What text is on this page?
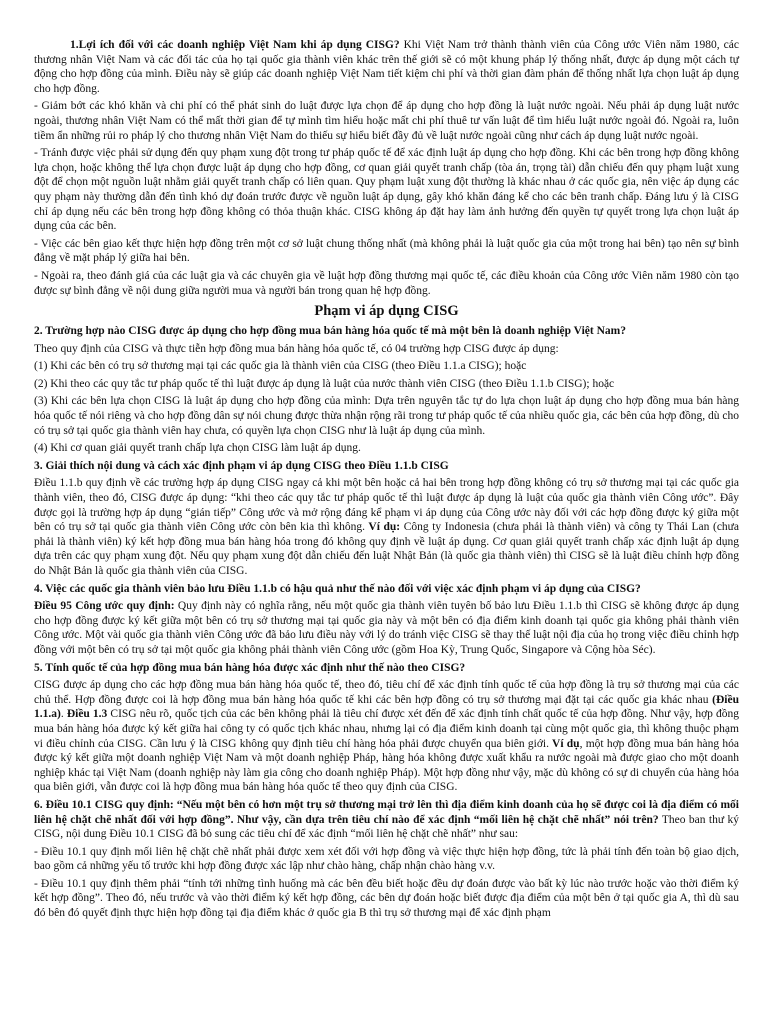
1.Lợi ích đối với các doanh nghiệp Việt Nam khi áp dụng CISG? Khi Việt Nam trở thành thành viên của Công ước Viên năm 1980, các thương nhân Việt Nam và các đối tác của họ tại quốc gia thành viên khác trên thế giới sẽ có một khung pháp lý thống nhất, được áp dụng một cách tự động cho hợp đồng của mình. Điều này sẽ giúp các doanh nghiệp Việt Nam tiết kiệm chi phí và thời gian đàm phán để thống nhất lựa chọn luật áp dụng cho hợp đồng.

- Giảm bớt các khó khăn và chi phí có thể phát sinh do luật được lựa chọn để áp dụng cho hợp đồng là luật nước ngoài. Nếu phải áp dụng luật nước ngoài, thương nhân Việt Nam có thể mất thời gian để tự mình tìm hiểu hoặc mất chi phí thuê tư vấn luật để tìm hiểu luật nước ngoài đó. Ngoài ra, luôn tiềm ẩn những rủi ro pháp lý cho thương nhân Việt Nam do thiếu sự hiểu biết đầy đủ về luật nước ngoài cũng như cách áp dụng luật nước ngoài.

- Tránh được việc phải sử dụng đến quy phạm xung đột trong tư pháp quốc tế để xác định luật áp dụng cho hợp đồng. Khi các bên trong hợp đồng không lựa chọn, hoặc không thể lựa chọn được luật áp dụng cho hợp đồng, cơ quan giải quyết tranh chấp (tòa án, trọng tài) dẫn chiếu đến quy phạm luật xung đột để chọn một nguồn luật nhằm giải quyết tranh chấp có liên quan. Quy phạm luật xung đột thường là khác nhau ở các quốc gia, nên việc áp dụng các quy phạm này thường dẫn đến tình khó dự đoán trước được về nguồn luật áp dụng, gây khó khăn đáng kể cho các bên tranh chấp. Đáng lưu ý là CISG chỉ áp dụng nếu các bên trong hợp đồng không có thỏa thuận khác. CISG không áp đặt hay làm ảnh hưởng đến quyền tự quyết trong lựa chọn luật áp dụng của các bên.

- Việc các bên giao kết thực hiện hợp đồng trên một cơ sở luật chung thống nhất (mà không phải là luật quốc gia của một trong hai bên) tạo nên sự bình đẳng về mặt pháp lý giữa hai bên.

- Ngoài ra, theo đánh giá của các luật gia và các chuyên gia về luật hợp đồng thương mại quốc tế, các điều khoản của Công ước Viên năm 1980 còn tạo được sự bình đẳng về nội dung giữa người mua và người bán trong quan hệ hợp đồng.

Phạm vi áp dụng CISG

2. Trường hợp nào CISG được áp dụng cho hợp đồng mua bán hàng hóa quốc tế mà một bên là doanh nghiệp Việt Nam?

Theo quy định của CISG và thực tiễn hợp đồng mua bán hàng hóa quốc tế, có 04 trường hợp CISG được áp dụng:

(1) Khi các bên có trụ sở thương mại tại các quốc gia là thành viên của CISG (theo Điều 1.1.a CISG); hoặc

(2) Khi theo các quy tắc tư pháp quốc tế thì luật được áp dụng là luật của nước thành viên CISG (theo Điều 1.1.b CISG); hoặc

(3) Khi các bên lựa chọn CISG là luật áp dụng cho hợp đồng của mình: Dựa trên nguyên tắc tự do lựa chọn luật áp dụng cho hợp đồng mua bán hàng hóa quốc tế nói riêng và cho hợp đồng dân sự nói chung được thừa nhận rộng rãi trong tư pháp quốc tế của nhiều quốc gia, các bên của hợp đồng, dù cho có trụ sở tại quốc gia thành viên hay chưa, có quyền lựa chọn CISG như là luật áp dụng của mình.

(4) Khi cơ quan giải quyết tranh chấp lựa chọn CISG làm luật áp dụng.

3. Giải thích nội dung và cách xác định phạm vi áp dụng CISG theo Điều 1.1.b CISG

Điều 1.1.b quy định về các trường hợp áp dụng CISG ngay cả khi một bên hoặc cả hai bên trong hợp đồng không có trụ sở thương mại tại các quốc gia thành viên, theo đó, CISG được áp dụng: “khi theo các quy tắc tư pháp quốc tế thì luật được áp dụng là luật của quốc gia thành viên Công ước”. Đây được gọi là trường hợp áp dụng “gián tiếp” Công ước và mở rộng đáng kể phạm vi áp dụng của Công ước này đối với các hợp đồng được ký giữa một bên có trụ sở tại quốc gia thành viên Công ước còn bên kia thì không. Ví dụ: Công ty Indonesia (chưa phải là thành viên) và công ty Thái Lan (chưa phải là thành viên) ký kết hợp đồng mua bán hàng hóa trong đó không quy định về luật áp dụng. Cơ quan giải quyết tranh chấp xác định luật áp dụng dựa trên các quy phạm xung đột. Nếu quy phạm xung đột dẫn chiếu đến luật Nhật Bản (là quốc gia thành viên) thì CISG sẽ là luật điều chỉnh hợp đồng do Nhật Bản là quốc gia thành viên của CISG.

4. Việc các quốc gia thành viên bảo lưu Điều 1.1.b có hậu quả như thế nào đối với việc xác định phạm vi áp dụng của CISG?

Điều 95 Công ước quy định: Quy định này có nghĩa rằng, nếu một quốc gia thành viên tuyên bố bảo lưu Điều 1.1.b thì CISG sẽ không được áp dụng cho hợp đồng được ký kết giữa một bên có trụ sở thương mại tại quốc gia này và một bên có địa điểm kinh doanh tại quốc gia không phải thành viên Công ước. Một vài quốc gia thành viên Công ước đã bảo lưu điều này với lý do tránh việc CISG sẽ thay thế luật nội địa của họ trong việc điều chỉnh hợp đồng với một bên có trụ sở tại một quốc gia không phải thành viên Công ước (gồm Hoa Kỳ, Trung Quốc, Singapore và Cộng hòa Séc).

5. Tính quốc tế của hợp đồng mua bán hàng hóa được xác định như thế nào theo CISG?

CISG được áp dụng cho các hợp đồng mua bán hàng hóa quốc tế, theo đó, tiêu chí để xác định tính quốc tế của hợp đồng là trụ sở thương mại của các chủ thể. Hợp đồng được coi là hợp đồng mua bán hàng hóa quốc tế khi các bên hợp đồng có trụ sở thương mại đặt tại các quốc gia khác nhau (Điều 1.1.a). Điều 1.3 CISG nêu rõ, quốc tịch của các bên không phải là tiêu chí được xét đến để xác định tính chất quốc tế của hợp đồng. Như vậy, hợp đồng mua bán hàng hóa được ký kết giữa hai công ty có quốc tịch khác nhau, nhưng lại có địa điểm kinh doanh tại cùng một quốc gia, thì không thuộc phạm vi điều chỉnh của CISG. Cần lưu ý là CISG không quy định tiêu chí hàng hóa phải được chuyển qua biên giới. Ví dụ, một hợp đồng mua bán hàng hóa được ký kết giữa một doanh nghiệp Việt Nam và một doanh nghiệp Pháp, hàng hóa không được xuất khẩu ra nước ngoài mà được giao cho một doanh nghiệp khác tại Việt Nam (doanh nghiệp này làm gia công cho doanh nghiệp Pháp). Một hợp đồng như vậy, mặc dù không có sự di chuyển của hàng hóa qua biên giới, vẫn được coi là hợp đồng mua bán hàng hóa quốc tế theo quy định của CISG.

6. Điều 10.1 CISG quy định: “Nếu một bên có hơn một trụ sở thương mại trở lên thì địa điểm kinh doanh của họ sẽ được coi là địa điểm có mối liên hệ chặt chẽ nhất đối với hợp đồng”. Như vậy, cần dựa trên tiêu chí nào để xác định “mối liên hệ chặt chẽ nhất” nói trên? Theo ban thư ký CISG, nội dung Điều 10.1 CISG đã bỏ sung các tiêu chí để xác định “mối liên hệ chặt chẽ nhất” như sau:

- Điều 10.1 quy định mối liên hệ chặt chẽ nhất phải được xem xét đối với hợp đồng và việc thực hiện hợp đồng, tức là phải tính đến toàn bộ giao dịch, bao gồm cả những yếu tố trước khi hợp đồng được xác lập như chào hàng, chấp nhận chào hàng v.v.

- Điều 10.1 quy định thêm phải “tính tới những tình huống mà các bên đều biết hoặc đều dự đoán được vào bất kỳ lúc nào trước hoặc vào thời điểm ký kết hợp đồng”. Theo đó, nếu trước và vào thời điểm ký kết hợp đồng, các bên dự đoán hoặc biết được địa điểm của một bên ở tại quốc gia A, thì dù sau đó bên đó quyết định thực hiện hợp đồng tại địa điểm khác ở quốc gia B thì trụ sở thương mại để xác định phạm
